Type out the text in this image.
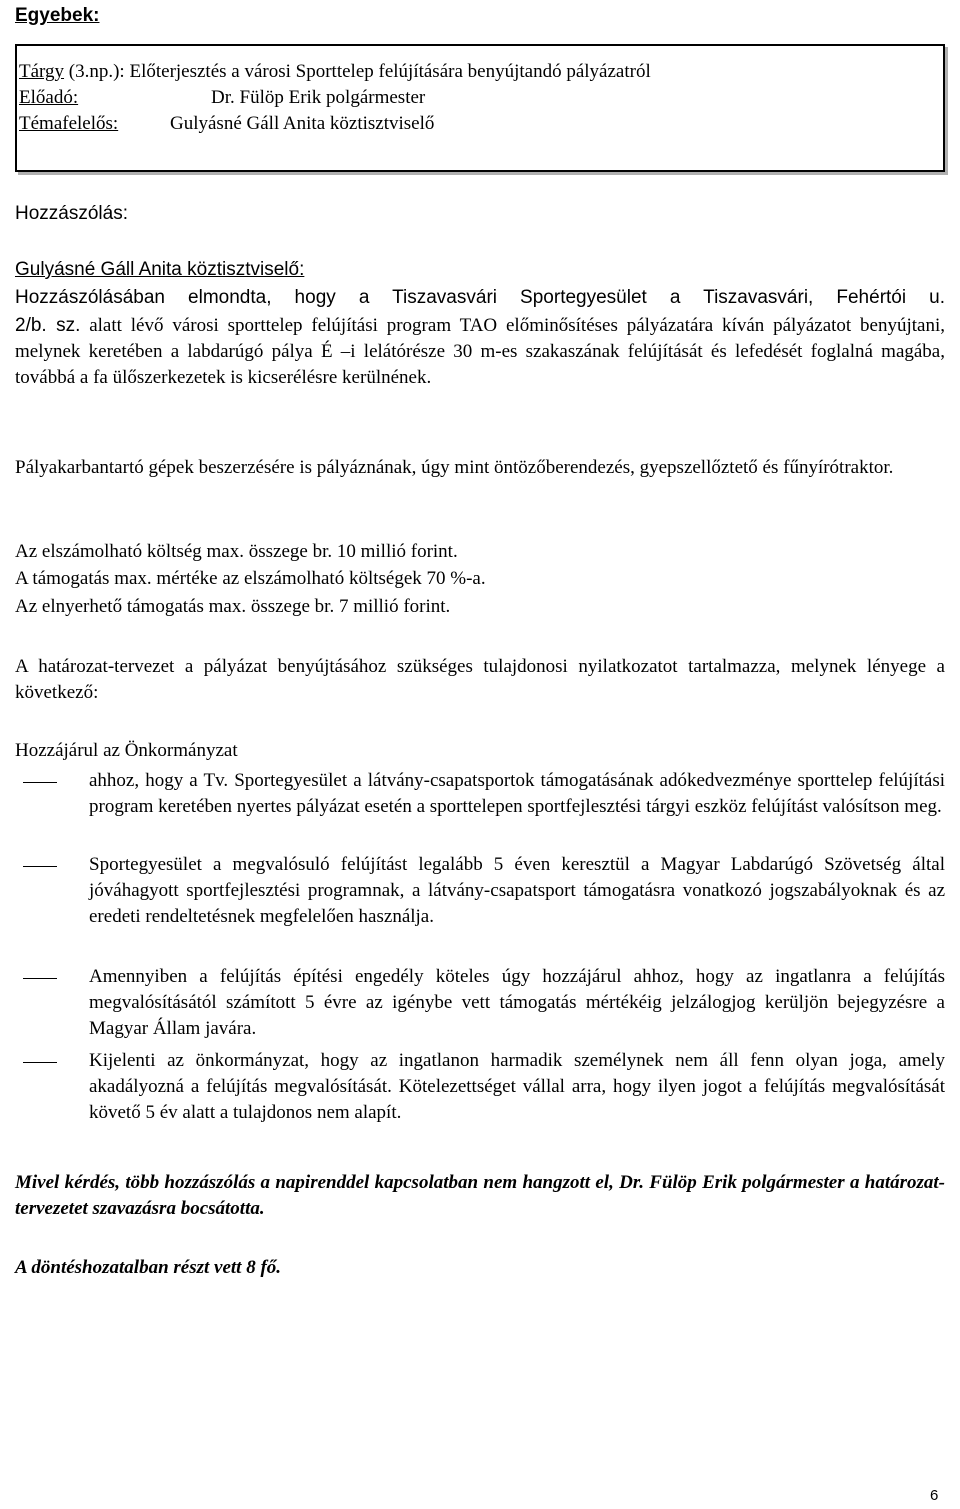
Egyebek:
Tárgy (3.np.): Előterjesztés a városi Sporttelep felújítására benyújtandó pályázatról
Előadó:	Dr. Fülöp Erik polgármester
Témafelelős:	Gulyásné Gáll Anita köztisztviselő
Hozzászólás:
Gulyásné Gáll Anita köztisztviselő:

Hozzászólásában elmondta, hogy a Tiszavasvári Sportegyesület a Tiszavasvári, Fehértói u.

2/b. sz. alatt lévő városi sporttelep felújítási program TAO előminősítéses pályázatára kíván pályázatot benyújtani, melynek keretében a labdarúgó pálya É –i lelátórésze 30 m-es szakaszának felújítását és lefedését foglalná magába, továbbá a fa ülőszerkezetek is kicserélésre kerülnének.

Pályakarbantartó gépek beszerzésére is pályáznának, úgy mint öntözőberendezés, gyepszellőztető és fűnyírótraktor.

Az elszámolható költség max. összege br. 10 millió forint.

A támogatás max. mértéke az elszámolható költségek 70 %-a.

Az elnyerhető támogatás max. összege br. 7 millió forint.

A határozat-tervezet a pályázat benyújtásához szükséges tulajdonosi nyilatkozatot tartalmazza, melynek lényege a következő:

Hozzájárul az Önkormányzat

ahhoz, hogy a Tv. Sportegyesület a látvány-csapatsportok támogatásának adókedvezménye sporttelep felújítási program keretében nyertes pályázat esetén a sporttelepen sportfejlesztési tárgyi eszköz felújítást valósítson meg.
Sportegyesület a megvalósuló felújítást legalább 5 éven keresztül a Magyar Labdarúgó Szövetség által jóváhagyott sportfejlesztési programnak, a látvány-csapatsport támogatásra vonatkozó jogszabályoknak és az eredeti rendeltetésnek megfelelően használja.
Amennyiben a felújítás építési engedély köteles úgy hozzájárul ahhoz, hogy az ingatlanra a felújítás megvalósításától számított 5 évre az igénybe vett támogatás mértékéig jelzálogjog kerüljön bejegyzésre a Magyar Állam javára.
Kijelenti az önkormányzat, hogy az ingatlanon harmadik személynek nem áll fenn olyan joga, amely akadályozná a felújítás megvalósítását. Kötelezettséget vállal arra, hogy ilyen jogot a felújítás megvalósítását követő 5 év alatt a tulajdonos nem alapít.

Mivel kérdés, több hozzászólás a napirenddel kapcsolatban nem hangzott el, Dr. Fülöp Erik polgármester a határozat-tervezetet szavazásra bocsátotta.

A döntéshozatalban részt vett 8 fő.

6
